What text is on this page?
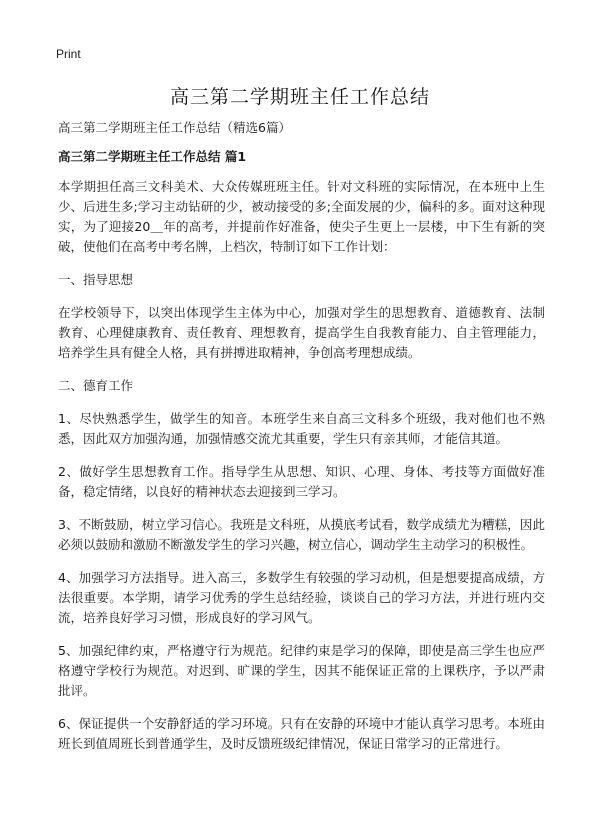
Print
高三第二学期班主任工作总结

高三第二学期班主任工作总结（精选6篇）

高三第二学期班主任工作总结 篇1

本学期担任高三文科美术、大众传媒班班主任。针对文科班的实际情况，在本班中上生少、后进生多;学习主动钻研的少，被动接受的多;全面发展的少，偏科的多。面对这种现实，为了迎接20＿年的高考，并提前作好准备，使尖子生更上一层楼，中下生有新的突破，使他们在高考中考名牌，上档次，特制订如下工作计划：

一、指导思想

在学校领导下，以突出体现学生主体为中心，加强对学生的思想教育、道德教育、法制教育、心理健康教育、责任教育、理想教育，提高学生自我教育能力、自主管理能力，培养学生具有健全人格，具有拼搏进取精神，争创高考理想成绩。

二、德育工作

1、尽快熟悉学生，做学生的知音。本班学生来自高三文科多个班级，我对他们也不熟悉，因此双方加强沟通，加强情感交流尤其重要，学生只有亲其师，才能信其道。

2、做好学生思想教育工作。指导学生从思想、知识、心理、身体、考技等方面做好准备，稳定情绪，以良好的精神状态去迎接到三学习。

3、不断鼓励，树立学习信心。我班是文科班，从摸底考试看，数学成绩尤为糟糕，因此必须以鼓励和激励不断激发学生的学习兴趣，树立信心，调动学生主动学习的积极性。

4、加强学习方法指导。进入高三，多数学生有较强的学习动机，但是想要提高成绩，方法很重要。本学期，请学习优秀的学生总结经验，谈谈自己的学习方法，并进行班内交流，培养良好学习习惯，形成良好的学习风气。

5、加强纪律约束，严格遵守行为规范。纪律约束是学习的保障，即使是高三学生也应严格遵守学校行为规范。对迟到、旷课的学生，因其不能保证正常的上课秩序，予以严肃批评。

6、保证提供一个安静舒适的学习环境。只有在安静的环境中才能认真学习思考。本班由班长到值周班长到普通学生，及时反馈班级纪律情况，保证日常学习的正常进行。
